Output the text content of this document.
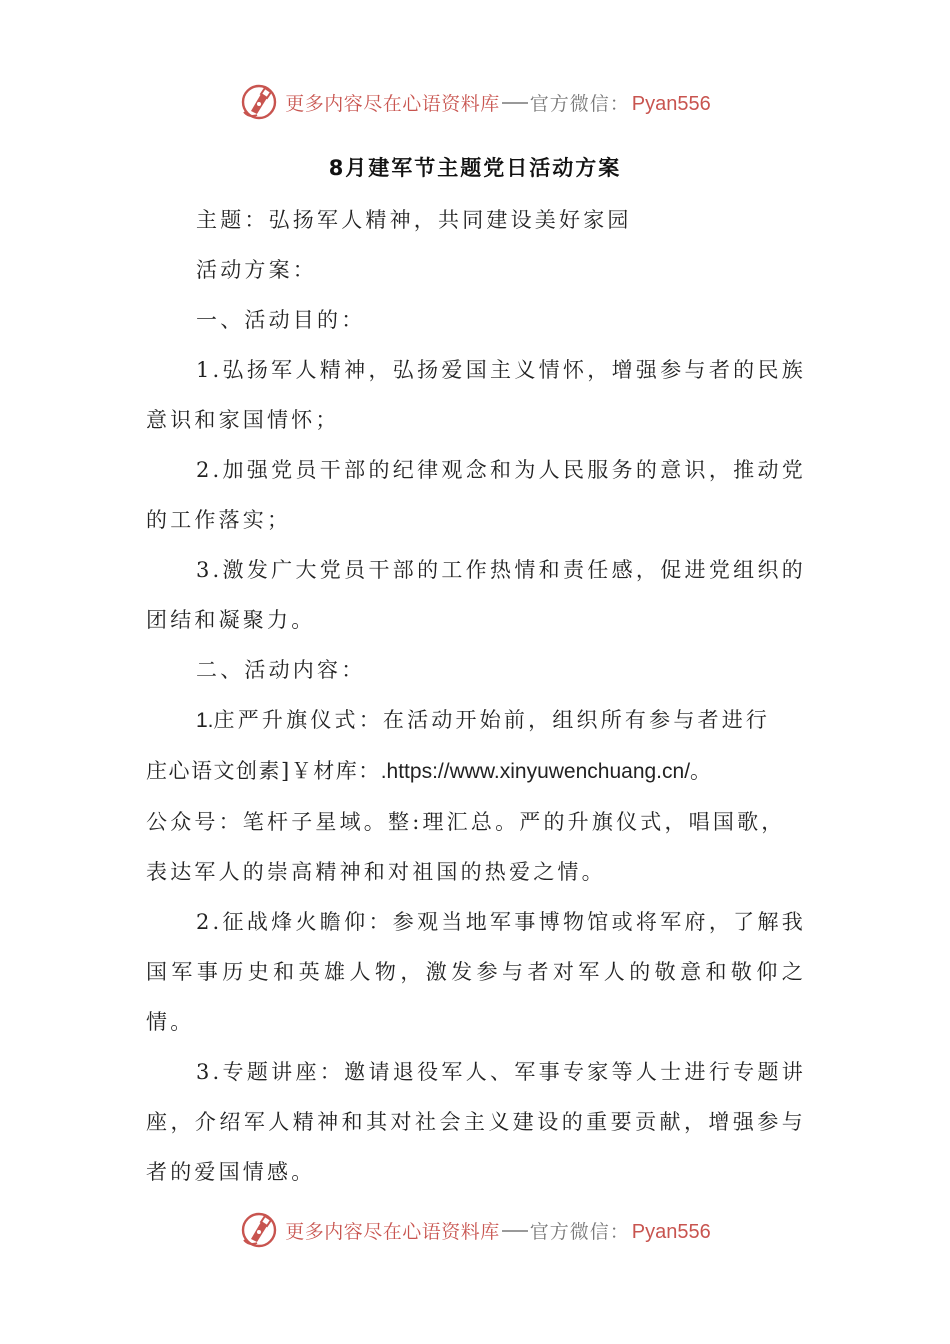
更多内容尽在心语资料库 官方微信： Pyan556
8月建军节主题党日活动方案

主题：弘扬军人精神，共同建设美好家园

活动方案：

一、活动目的：

1.弘扬军人精神，弘扬爱国主义情怀，增强参与者的民族意识和家国情怀；

2.加强党员干部的纪律观念和为人民服务的意识，推动党的工作落实；

3.激发广大党员干部的工作热情和责任感，促进党组织的团结和凝聚力。

二、活动内容：

1.庄严升旗仪式：在活动开始前，组织所有参与者进行

庄心语文创素]￥材库：.https://www.xinyuwenchuang.cn/。

公众号：笔杆子星域。整:理汇总。严的升旗仪式，唱国歌，

表达军人的崇高精神和对祖国的热爱之情。

2.征战烽火瞻仰：参观当地军事博物馆或将军府，了解我国军事历史和英雄人物，激发参与者对军人的敬意和敬仰之情。

3.专题讲座：邀请退役军人、军事专家等人士进行专题讲座，介绍军人精神和其对社会主义建设的重要贡献，增强参与者的爱国情感。

更多内容尽在心语资料库 官方微信： Pyan556
